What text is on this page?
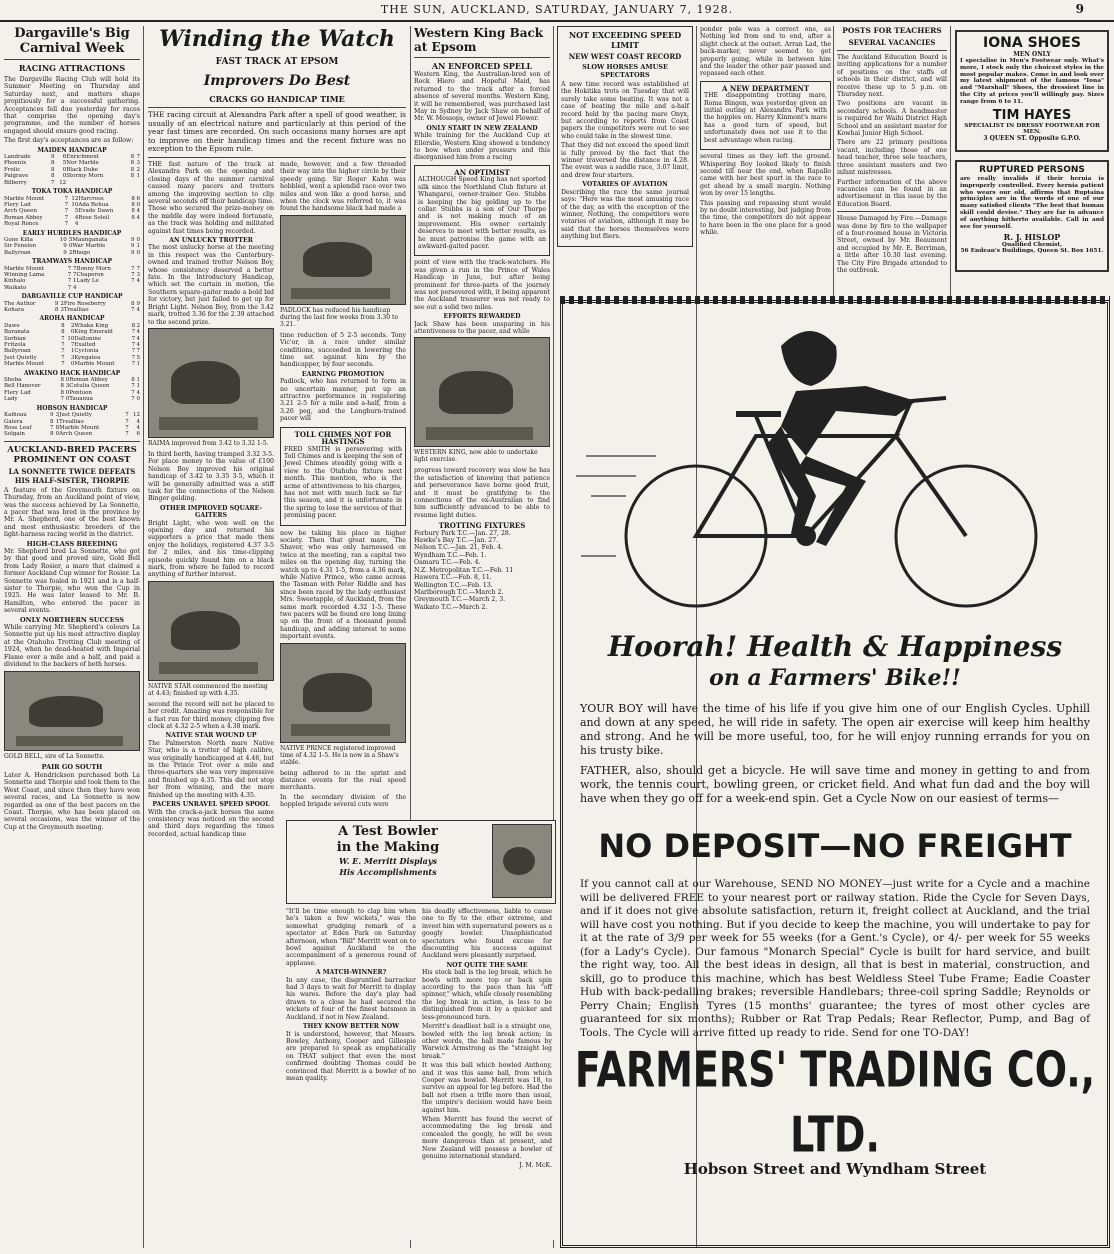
THE SUN, AUCKLAND, SATURDAY, JANUARY 7, 1928.	9
Dargaville's Big Carnival Week
RACING ATTRACTIONS

The Dargaville Racing Club will hold its Summer Meeting on Thursday and Saturday next, and matters shape propitiously for a successful gathering. Acceptances fell due yesterday for races that comprise the opening day's programme, and the number of horses engaged should ensure good racing.

The first day's acceptances are as follow:

MAIDEN HANDICAP
Landrade	9	6	Enrichment	8	7
Phoenix	8	5	Nor Marble	8	3
Frolic	8	0	Black Duke	8	2
Palgrave	8	0	Stormy Morn	8	1
Bilberry	7	12			
TOKA TOKA HANDICAP
Marble Mount	7	12	Harcross	8	6
Flery Lad	7	10	Ada Rehua	8	0
Arch Queen	7	5	Evade Dawn	8	4
Roman Abbey	7	4	Rose Soleil	8	4
Royal Ronce	7	4			
EARLY HURDLES HANDICAP
Gone Killa	10	5	Maunganata	9	0
Sir Fenelon	9	0	War Marble	9	1
Ballyroan	9	2	Rhogo	9	0
TRAMWAYS HANDICAP
Marble Mount	7	7	Bonny Morn	7	7
Winning Lama	7	7	Chaperon	7	3
Kinhalo	7	1	Lady Le	7	4
Waikato	7	4			
DARGAVILLE CUP HANDICAP
The Author	9	2	Fire Roseberry	8	9
Kohara	8	3	Trealliao	7	4
AROHA HANDICAP
Dawe	8	2	Whaka King	8	2
Baranata	8	0	King Emerald	7	4
Sorbian	7	10	Dallonine	7	4
Fritzola	7	7	Exalted	7	4
Ballyroan	7	1	Cyclonia	7	7
Just Quietly	7	3	Kyngatea	7	5
Marble Mount	7	0	Marble Mount	7	1
AWAKINO HACK HANDICAP
Sheba	8	0	Roman Abbey	8	1
Bell Hanover	8	3	Cutulia Queen	7	1
Flery Lad	8	0	Pontoon	7	4
Lady	7	0	Tauanua	7	0
HOBSON HANDICAP
Kaihoau	9	3	Just Quietly	7	12
Galera	8	1	Trealliao	7	4
Rose Leaf	7	8	Marble Mount	7	4
Solgain	8	0	Arch Queen	7	6
AUCKLAND-BRED PACERS PROMINENT ON COAST
LA SONNETTE TWICE DEFEATS HIS HALF-SISTER, THORPIE

A feature of the Greymouth fixture on Thursday, from an Auckland point of view, was the success achieved by La Sonnette, a pacer that was bred in the province by Mr. A. Shepherd, one of the best known and most enthusiastic breeders of the light-harness racing world in the district.

HIGH-CLASS BREEDING

Mr. Shepherd bred La Sonnette, who got by that good and proved sire, Gold Bell from Lady Rosier, a mare that claimed a former Auckland Cup winner for Rosier. La Sonnette was foaled in 1921 and is a half-sister to Thorpie, who won the Cup in 1925. He was later leased to Mr. B. Hamilton, who entered the pacer in several events.

ONLY NORTHERN SUCCESS

While carrying Mr. Shepherd's colours La Sonnette put up his most attractive display at the Otahuhu Trotting Club meeting of 1924, when he dead-heated with Imperial Flame over a mile and a half, and paid a dividend to the backers of both horses.

GOLD BELL, sire of La Sonnette.
PAIR GO SOUTH

Later A. Hendrickson purchased both La Sonnette and Thorpie and took them to the West Coast, and since then they have won several races, and La Sonnette is now regarded as one of the best pacers on the Coast. Thorpie, who has been placed on several occasions, was the winner of the Cup at the Greymouth meeting.

Winding the Watch
FAST TRACK AT EPSOM
Improvers Do Best
CRACKS GO HANDICAP TIME

THE racing circuit at Alexandra Park after a spell of good weather, is usually of an electrical nature and particularly at this period of the year fast times are recorded. On such occasions many horses are apt to improve on their handicap times and the recent fixture was no exception to the Epsom rule.

THE fast nature of the track at Alexandra Park on the opening and closing days of the summer carnival caused many pacers and trotters among the improving section to clip several seconds off their handicap time. Those who secured the prize-money on the middle day were indeed fortunate, as the track was holding and militated against fast times being recorded.

AN UNLUCKY TROTTER

The most unlucky horse at the meeting in this respect was the Canterbury-owned and trained trotter Nelson Boy, whose consistency deserved a better fate. In the Introductory Handicap, which set the curtain in motion, the Southern square-gaiter made a bold bid for victory, but just failed to get up for Bright Light. Nelson Boy, from the 3.42 mark, trotted 3.36 for the 2.39 attached to the second prize.

RAIMA improved from 3.42 to 3.32 1-5.

In third berth, having tramped 3.32 3-5. For place money to the value of £100 Nelson Boy improved his original handicap of 3.42 to 3.35 3-5, which it will be generally admitted was a stiff task for the connections of the Nelson Binger gelding.

OTHER IMPROVED SQUARE-GAITERS

Bright Light, who won well on the opening day and returned his supporters a price that made them enjoy the holidays, registered 4.37 3-5 for 2 miles, and his time-clipping episode quickly found him on a black mark, from where he failed to record anything of further interest.

NATIVE STAR commenced the meeting at 4.43; finished up with 4.35.

second the record will not be placed to her credit. Amazing was responsible for a fast run for third money, clipping five clock at 4.32 2-5 when a 4.38 mark.

NATIVE STAR WOUND UP

The Palmerston North mare Native Star, who is a trotter of high calibre, was originally handicapped at 4.46, but in the Prince Trot over a mile and three-quarters she was very impressive and finished up 4.35. This did not stop her from winning, and the mare finished up the meeting with 4.35.

PACERS UNRAVEL SPEED SPOOL

With the crack-a-jack horses the same consistency was noticed on the second and third days regarding the times recorded, actual handicap time

made, however, and a few threaded their way into the higher circle by their speedy going. Sir Roger Kahn was hobbled, went a splendid race over two miles and won like a good horse, and when the clock was referred to, it was found the handsome black had made a

PADLOCK has reduced his handicap during the last few weeks from 3.30 to 3.21.

time reduction of 5 2-5 seconds. Tony Vic'or, in a race under similar conditions, succeeded in lowering the time set against him by the handicapper, by four seconds.

EARNING PROMOTION

Padlock, who has returned to form in no uncertain manner, put up an attractive performance in registering 3.21 2-5 for a mile and a-half, from a 3.26 peg, and the Longburn-trained pacer will

TOLL CHIMES NOT FOR HASTINGS

FRED SMITH is persevering with Toll Chimes and is keeping the son of Jewel Chimes steadily going with a view to the Otahuhu fixture next month. This mention, who is the acme of attentiveness to his charges, has not met with much luck so far this season, and it is unfortunate in the spring to lose the services of that promising pacer.

now be taking his place in higher society. Then that great mare, The Shaver, who was only harnessed on twice at the meeting, ran a capital two miles on the opening day, turning the watch up to 4.31 1-5, from a 4.36 mark, while Native Prince, who came across the Tasman with Peter Riddle and has since been raced by the lady enthusiast Mrs. Sweetapple, of Auckland, from the same mark recorded 4.32 1-5. These two pacers will be found ere long lining up on the front of a thousand pound handicap, and adding interest to some important events.

NATIVE PRINCE registered improved time of 4.32 1-5. He is now in a Shaw's stable.

being adhered to in the sprint and distance events for the real speed merchants.

In the secondary division of the hoppled brigade several cuts were

Western King Back at Epsom
AN ENFORCED SPELL

Western King, the Australian-bred son of Rock Hiero and Hopeful Maid, has returned to the track after a forced absence of several months. Western King, it will be remembered, was purchased last May in Sydney by Jack Shaw on behalf of Mr. W. Mossops, owner of Jewel Flower.

ONLY START IN NEW ZEALAND

While training for the Auckland Cup at Ellerslie, Western King showed a tendency to bow when under pressure and this disorganised him from a racing

AN OPTIMIST

ALTHOUGH Speed King has not sported silk since the Northland Club fixture at Whangarei, owner-trainer Geo. Stubbs is keeping the big gelding up to the collar. Stubbs is a son of Our Thorpe and is not making much of an improvement. His owner certainly deserves to meet with better results, as he must patronise the game with an awkward-gaited pacer.

point of view with the track-watchers. He was given a run in the Prince of Wales Handicap in June, but after being prominent for three-parts of the journey was not persevered with, it being apparent the Auckland treasurer was not ready to see out a solid two miles.

EFFORTS REWARDED

Jack Shaw has been unsparing in his attentiveness to the pacer, and while

WESTERN KING, now able to undertake light exercise.

progress toward recovery was slow he has the satisfaction of knowing that patience and perseverance have borne good fruit, and it must be gratifying to the connections of the ex-Australian to find him sufficiently advanced to be able to resume light duties.

TROTTING FIXTURES
Forbury Park T.C.—Jan. 27, 28.
Hawke's Bay T.C.—Jan. 27.
Nelson T.C.—Jan. 21, Feb. 4.
Wyndham T.C.—Feb. 1.
Oamaru T.C.—Feb. 4.
N.Z. Metropolitan T.C.—Feb. 11
Hawera T.C.—Feb. 8, 11.
Wellington T.C.—Feb. 13.
Marlborough T.C.—March 2.
Greymouth T.C.—March 2, 3.
Waikato T.C.—March 2.
A Test Bowler
in the Making
W. E. Merritt Displays
His Accomplishments

"It'll be time enough to clap him when he's taken a few wickets," was the somewhat grudging remark of a spectator at Eden Park on Saturday afternoon, when "Bill" Merritt went on to bowl against Auckland to the accompaniment of a generous round of applause.

A MATCH-WINNER?

In any case, the disgruntled barracker had 3 days to wait for Merritt to display his wares. Before the day's play had drawn to a close he had secured the wickets of four of the finest batsmen in Auckland, if not in New Zealand.

THEY KNOW BETTER NOW

It is understood, however, that Messrs. Bowley, Anthony, Cooper and Gillespie are prepared to speak as emphatically on THAT subject that even the most confirmed doubting Thomas could be convinced that Merritt is a bowler of no mean quality.

his deadly effectiveness, liable to cause one to fly to the other extreme, and invest him with supernatural powers as a googly bowler. Unsophisticated spectators who found excuse for discounting his success against Auckland were pleasantly surprised.

NOT QUITE THE SAME

His stock ball is the leg break, which he bowls with more top or back spin according to the pace than his "off spinner," which, while closely resembling the leg break in action, is less to be distinguished from it by a quicker and less-pronounced turn.

Merritt's deadliest ball is a straight one, bowled with the leg break action; in other words, the ball made famous by Warwick Armstrong as the "straight leg break."

It was this ball which bowled Anthony, and it was this same ball, from which Cooper was bowled. Merritt was 18, to survive an appeal for leg before. Had the ball not risen a trifle more than usual, the umpire's decision would have been against him.

When Merritt has found the secret of accommodating the leg break and concealed the googly, he will be even more dangerous than at present, and New Zealand will possess a bowler of genuine international standard.

J. M. McK.
NOT EXCEEDING SPEED LIMIT
NEW WEST COAST RECORD
SLOW HORSES AMUSE SPECTATORS

A new time record was established at the Hokitika trots on Tuesday that will surely take some beating. It was not a case of beating the mile and a-half record held by the pacing mare Onyx, but according to reports from Coast papers the competitors were out to see who could take in the slowest time.

That they did not exceed the speed limit is fully proved by the fact that the winner traversed the distance in 4.28. The event was a saddle race, 3.07 limit, and drew four starters.

VOTARIES OF AVIATION

Describing the race the same journal says: "Here was the most amusing race of the day, as with the exception of the winner, Nothing, the competitors were votaries of aviation, although it may be said that the horses themselves were anything but fliers.

ponder pole was a correct one, as Nothing led from end to end, after a slight check at the outset. Arran Lad, the back-marker, never seemed to get properly going, while in between him and the leader the other pair passed and repassed each other.

A NEW DEPARTMENT

THE disappointing trotting mare, Roma Bingen, was yesterday given an initial outing at Alexandra Park with the hopples on. Harry Kinmont's mare has a good turn of speed, but unfortunately does not use it to the best advantage when racing.

several times as they left the ground. Whispering Boy looked likely to finish second till near the end, when Rapallo came with her best spurt in the race to get ahead by a small margin. Nothing won by over 15 lengths.

This passing and repassing stunt would by no doubt interesting, but judging from the time, the competitors do not appear to have been in the one place for a good while.

POSTS FOR TEACHERS
SEVERAL VACANCIES

The Auckland Education Board is inviting applications for a number of positions on the staffs of schools in their district, and will receive these up to 5 p.m. on Thursday next.

Two positions are vacant in secondary schools. A headmaster is required for Waihi District High School and an assistant master for Kowhai Junior High School.

There are 22 primary positions vacant, including those of one head teacher, three sole teachers, three assistant masters and two infant mistresses.

Further information of the above vacancies can be found in an advertisement in this issue by the Education Board.

House Damaged by Fire.—Damage was done by fire to the wallpaper of a four-roomed house in Victoria Street, owned by Mr. Beaumont and occupied by Mr. E. Berriman, a little after 10.30 last evening. The City Fire Brigade attended to the outbreak.

IONA SHOES
MEN ONLY

I specialise in Men's Footwear only. What's more, I stock only the choicest styles in the most popular makes. Come in and look over my latest shipment of the famous "Iona" and "Marshall" Shoes, the dressiest line in the City at prices you'll willingly pay. Sizes range from 6 to 11.

TIM HAYES
SPECIALIST IN DRESSY FOOTWEAR FOR MEN.
3 QUEEN ST. Opposite G.P.O.
RUPTURED PERSONS

are really invalids if their hernia is improperly controlled. Every hernia patient who wears our old, affirms that Ruptaina principles are in the words of one of our many satisfied clients "The best that human skill could devise." They are far in advance of anything hitherto available. Call in and see for yourself.

R. J. HISLOP
Qualified Chemist,
56 Endean's Buildings, Queen St. Box 1651.
Hoorah! Health & Happiness
on a Farmers' Bike!!

YOUR BOY will have the time of his life if you give him one of our English Cycles. Uphill and down at any speed, he will ride in safety. The open air exercise will keep him healthy and strong. And he will be more useful, too, for he will enjoy running errands for you on his trusty bike.

FATHER, also, should get a bicycle. He will save time and money in getting to and from work, the tennis court, bowling green, or cricket field. And what fun dad and the boy will have when they go off for a week-end spin. Get a Cycle Now on our easiest of terms—

NO DEPOSIT—NO FREIGHT

If you cannot call at our Warehouse, SEND NO MONEY—just write for a Cycle and a machine will be delivered FREE to your nearest port or railway station. Ride the Cycle for Seven Days, and if it does not give absolute satisfaction, return it, freight collect at Auckland, and the trial will have cost you nothing. But if you decide to keep the machine, you will undertake to pay for it at the rate of 3/9 per week for 55 weeks (for a Gent.'s Cycle), or 4/- per week for 55 weeks (for a Lady's Cycle). Our famous "Monarch Special" Cycle is built for hard service, and built the right way, too. All the best ideas in design, all that is best in material, construction, and skill, go to produce this machine, which has best Weldless Steel Tube Frame; Eadie Coaster Hub with back-pedalling brakes; reversible Handlebars; three-coil spring Saddle; Reynolds or Perry Chain; English Tyres (15 months' guarantee; the tyres of most other cycles are guaranteed for six months); Rubber or Rat Trap Pedals; Rear Reflector, Pump, and Bag of Tools. The Cycle will arrive fitted up ready to ride. Send for one TO-DAY!

FARMERS' TRADING CO., LTD.
Hobson Street and Wyndham Street
